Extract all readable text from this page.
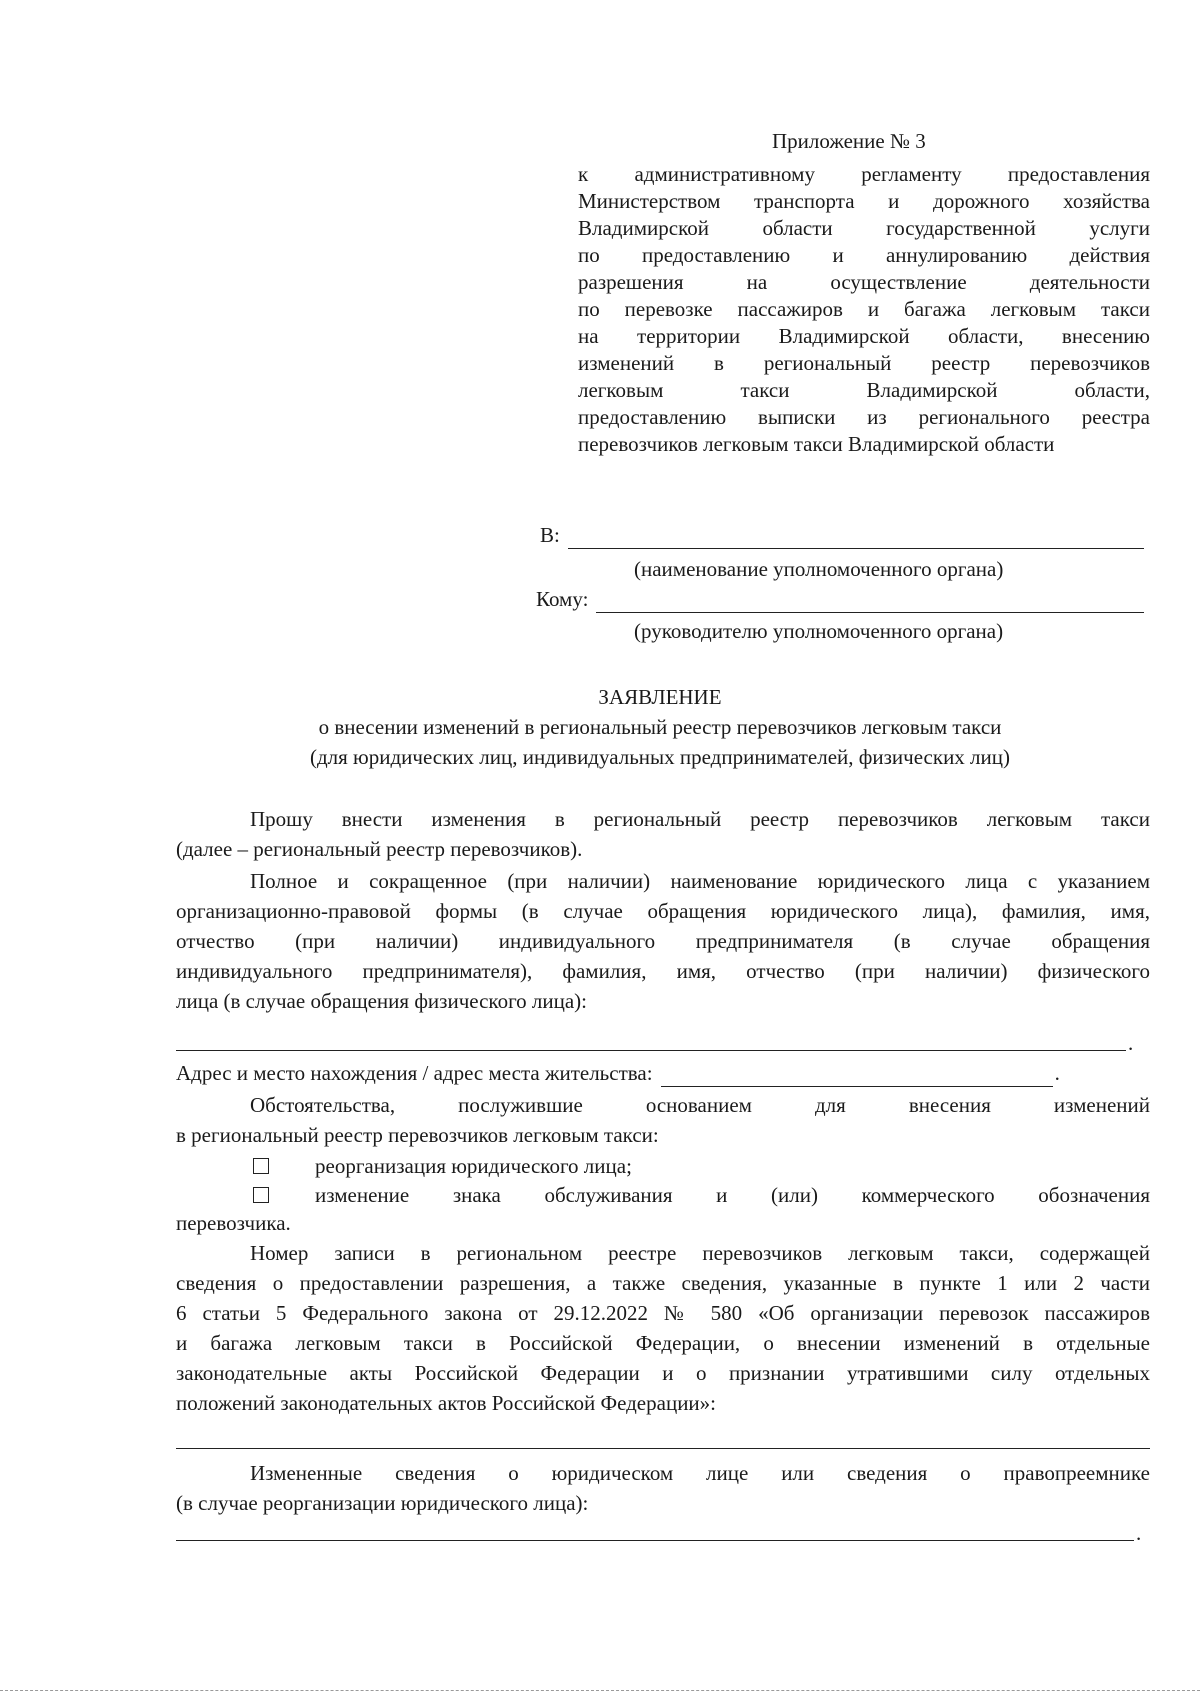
Приложение № 3
к административному регламенту предоставления
Министерством транспорта и дорожного хозяйства
Владимирской области государственной услуги
по предоставлению и аннулированию действия
разрешения на осуществление деятельности
по перевозке пассажиров и багажа легковым такси
на территории Владимирской области, внесению
изменений в региональный реестр перевозчиков
легковым такси Владимирской области,
предоставлению выписки из регионального реестра
перевозчиков легковым такси Владимирской области
В:
(наименование уполномоченного органа)
Кому:
(руководителю уполномоченного органа)
ЗАЯВЛЕНИЕ
о внесении изменений в региональный реестр перевозчиков легковым такси
(для юридических лиц, индивидуальных предпринимателей, физических лиц)
Прошу внести изменения в региональный реестр перевозчиков легковым такси
(далее – региональный реестр перевозчиков).
Полное и сокращенное (при наличии) наименование юридического лица с указанием
организационно-правовой формы (в случае обращения юридического лица), фамилия, имя,
отчество (при наличии) индивидуального предпринимателя (в случае обращения
индивидуального предпринимателя), фамилия, имя, отчество (при наличии) физического
лица (в случае обращения физического лица):
.
Адрес и место нахождения / адрес места жительства:	.
Обстоятельства, послужившие основанием для внесения изменений
в региональный реестр перевозчиков легковым такси:
реорганизация юридического лица;
изменение знака обслуживания и (или) коммерческого обозначения
перевозчика.
Номер записи в региональном реестре перевозчиков легковым такси, содержащей
сведения о предоставлении разрешения, а также сведения, указанные в пункте 1 или 2 части
6 статьи 5 Федерального закона от 29.12.2022 № 580 «Об организации перевозок пассажиров
и багажа легковым такси в Российской Федерации, о внесении изменений в отдельные
законодательные акты Российской Федерации и о признании утратившими силу отдельных
положений законодательных актов Российской Федерации»:
Измененные сведения о юридическом лице или сведения о правопреемнике
(в случае реорганизации юридического лица):
.
